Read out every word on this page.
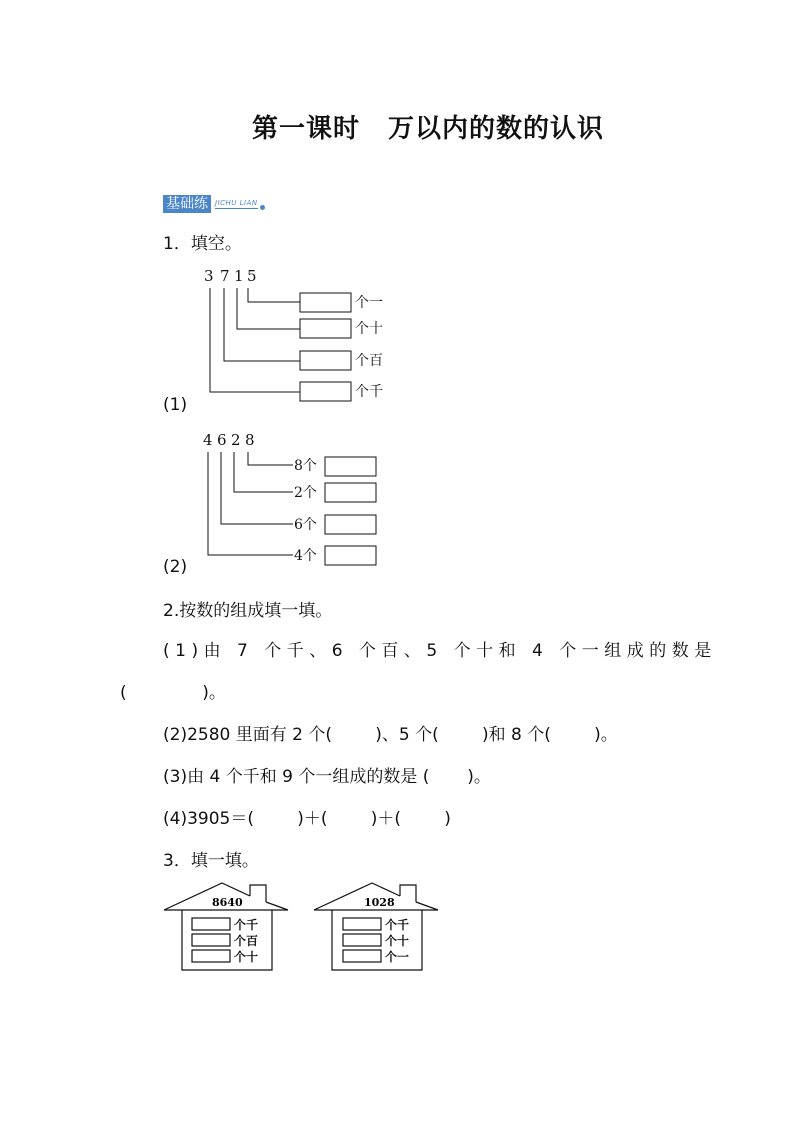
第一课时 万以内的数的认识
基础练	JICHU LIAN
1．填空。
3 7 1 5
个一
个十
个百
个千
(1)
4 6 2 8
8个
2个
6个
4个
(2)
2.按数的组成填一填。
(1)由 7 个千、6 个百、5 个十和 4 个一组成的数是
(              )。
(2)2580 里面有 2 个(        )、5 个(        )和 8 个(        )。
(3)由 4 个千和 9 个一组成的数是 (       )。
(4)3905＝(        )＋(        )＋(        )
3．填一填。
8640
个千
个百
个十
1028
个千
个十
个一
